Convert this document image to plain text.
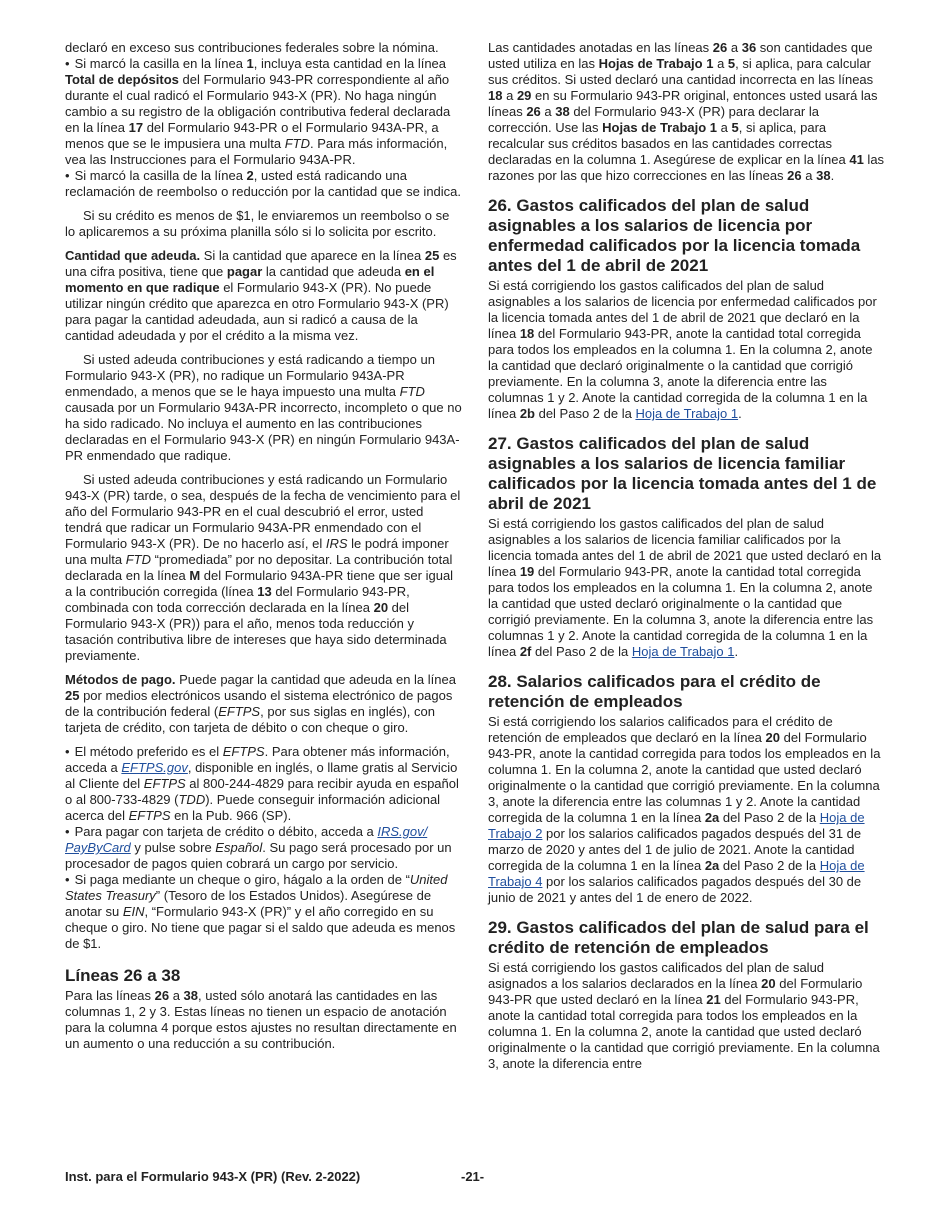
declaró en exceso sus contribuciones federales sobre la nómina.

• Si marcó la casilla en la línea 1, incluya esta cantidad en la línea Total de depósitos del Formulario 943-PR correspondiente al año durante el cual radicó el Formulario 943-X (PR). No haga ningún cambio a su registro de la obligación contributiva federal declarada en la línea 17 del Formulario 943-PR o el Formulario 943A-PR, a menos que se le impusiera una multa FTD. Para más información, vea las Instrucciones para el Formulario 943A-PR.

• Si marcó la casilla de la línea 2, usted está radicando una reclamación de reembolso o reducción por la cantidad que se indica.

Si su crédito es menos de $1, le enviaremos un reembolso o se lo aplicaremos a su próxima planilla sólo si lo solicita por escrito.

Cantidad que adeuda. Si la cantidad que aparece en la línea 25 es una cifra positiva, tiene que pagar la cantidad que adeuda en el momento en que radique el Formulario 943-X (PR). No puede utilizar ningún crédito que aparezca en otro Formulario 943-X (PR) para pagar la cantidad adeudada, aun si radicó a causa de la cantidad adeudada y por el crédito a la misma vez.

Si usted adeuda contribuciones y está radicando a tiempo un Formulario 943-X (PR), no radique un Formulario 943A-PR enmendado, a menos que se le haya impuesto una multa FTD causada por un Formulario 943A-PR incorrecto, incompleto o que no ha sido radicado. No incluya el aumento en las contribuciones declaradas en el Formulario 943-X (PR) en ningún Formulario 943A-PR enmendado que radique.

Si usted adeuda contribuciones y está radicando un Formulario 943-X (PR) tarde, o sea, después de la fecha de vencimiento para el año del Formulario 943-PR en el cual descubrió el error, usted tendrá que radicar un Formulario 943A-PR enmendado con el Formulario 943-X (PR). De no hacerlo así, el IRS le podrá imponer una multa FTD “promediada” por no depositar. La contribución total declarada en la línea M del Formulario 943A-PR tiene que ser igual a la contribución corregida (línea 13 del Formulario 943-PR, combinada con toda corrección declarada en la línea 20 del Formulario 943-X (PR)) para el año, menos toda reducción y tasación contributiva libre de intereses que haya sido determinada previamente.

Métodos de pago. Puede pagar la cantidad que adeuda en la línea 25 por medios electrónicos usando el sistema electrónico de pagos de la contribución federal (EFTPS, por sus siglas en inglés), con tarjeta de crédito, con tarjeta de débito o con cheque o giro.

• El método preferido es el EFTPS. Para obtener más información, acceda a EFTPS.gov, disponible en inglés, o llame gratis al Servicio al Cliente del EFTPS al 800-244-4829 para recibir ayuda en español o al 800-733-4829 (TDD). Puede conseguir información adicional acerca del EFTPS en la Pub. 966 (SP).

• Para pagar con tarjeta de crédito o débito, acceda a IRS.gov/ PayByCard y pulse sobre Español. Su pago será procesado por un procesador de pagos quien cobrará un cargo por servicio.

• Si paga mediante un cheque o giro, hágalo a la orden de “United States Treasury” (Tesoro de los Estados Unidos). Asegúrese de anotar su EIN, “Formulario 943-X (PR)” y el año corregido en su cheque o giro. No tiene que pagar si el saldo que adeuda es menos de $1.

Líneas 26 a 38

Para las líneas 26 a 38, usted sólo anotará las cantidades en las columnas 1, 2 y 3. Estas líneas no tienen un espacio de anotación para la columna 4 porque estos ajustes no resultan directamente en un aumento o una reducción a su contribución.

Las cantidades anotadas en las líneas 26 a 36 son cantidades que usted utiliza en las Hojas de Trabajo 1 a 5, si aplica, para calcular sus créditos. Si usted declaró una cantidad incorrecta en las líneas 18 a 29 en su Formulario 943-PR original, entonces usted usará las líneas 26 a 38 del Formulario 943-X (PR) para declarar la corrección. Use las Hojas de Trabajo 1 a 5, si aplica, para recalcular sus créditos basados en las cantidades correctas declaradas en la columna 1. Asegúrese de explicar en la línea 41 las razones por las que hizo correcciones en las líneas 26 a 38.

26. Gastos calificados del plan de salud asignables a los salarios de licencia por enfermedad calificados por la licencia tomada antes del 1 de abril de 2021

Si está corrigiendo los gastos calificados del plan de salud asignables a los salarios de licencia por enfermedad calificados por la licencia tomada antes del 1 de abril de 2021 que declaró en la línea 18 del Formulario 943-PR, anote la cantidad total corregida para todos los empleados en la columna 1. En la columna 2, anote la cantidad que declaró originalmente o la cantidad que corrigió previamente. En la columna 3, anote la diferencia entre las columnas 1 y 2. Anote la cantidad corregida de la columna 1 en la línea 2b del Paso 2 de la Hoja de Trabajo 1.

27. Gastos calificados del plan de salud asignables a los salarios de licencia familiar calificados por la licencia tomada antes del 1 de abril de 2021

Si está corrigiendo los gastos calificados del plan de salud asignables a los salarios de licencia familiar calificados por la licencia tomada antes del 1 de abril de 2021 que usted declaró en la línea 19 del Formulario 943-PR, anote la cantidad total corregida para todos los empleados en la columna 1. En la columna 2, anote la cantidad que usted declaró originalmente o la cantidad que corrigió previamente. En la columna 3, anote la diferencia entre las columnas 1 y 2. Anote la cantidad corregida de la columna 1 en la línea 2f del Paso 2 de la Hoja de Trabajo 1.

28. Salarios calificados para el crédito de retención de empleados

Si está corrigiendo los salarios calificados para el crédito de retención de empleados que declaró en la línea 20 del Formulario 943-PR, anote la cantidad corregida para todos los empleados en la columna 1. En la columna 2, anote la cantidad que usted declaró originalmente o la cantidad que corrigió previamente. En la columna 3, anote la diferencia entre las columnas 1 y 2. Anote la cantidad corregida de la columna 1 en la línea 2a del Paso 2 de la Hoja de Trabajo 2 por los salarios calificados pagados después del 31 de marzo de 2020 y antes del 1 de julio de 2021. Anote la cantidad corregida de la columna 1 en la línea 2a del Paso 2 de la Hoja de Trabajo 4 por los salarios calificados pagados después del 30 de junio de 2021 y antes del 1 de enero de 2022.

29. Gastos calificados del plan de salud para el crédito de retención de empleados

Si está corrigiendo los gastos calificados del plan de salud asignados a los salarios declarados en la línea 20 del Formulario 943-PR que usted declaró en la línea 21 del Formulario 943-PR, anote la cantidad total corregida para todos los empleados en la columna 1. En la columna 2, anote la cantidad que usted declaró originalmente o la cantidad que corrigió previamente. En la columna 3, anote la diferencia entre

Inst. para el Formulario 943-X (PR) (Rev. 2-2022)	-21-
